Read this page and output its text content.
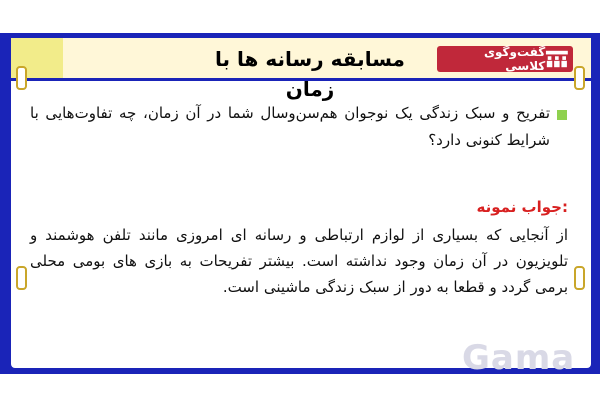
مسابقه رسانه ها با زمان
گفت‌وگوی کلاسی
تفریح و سبک زندگی یک نوجوان هم‌سن‌وسال شما در آن زمان، چه تفاوت‌هایی با شرایط کنونی دارد؟
:جواب نمونه
از آنجایی که بسیاری از لوازم ارتباطی و رسانه ای امروزی مانند تلفن هوشمند و تلویزیون در آن زمان وجود نداشته است. بیشتر تفریحات به بازی های بومی محلی برمی گردد و قطعا به دور از سبک زندگی ماشینی است.
Gama
